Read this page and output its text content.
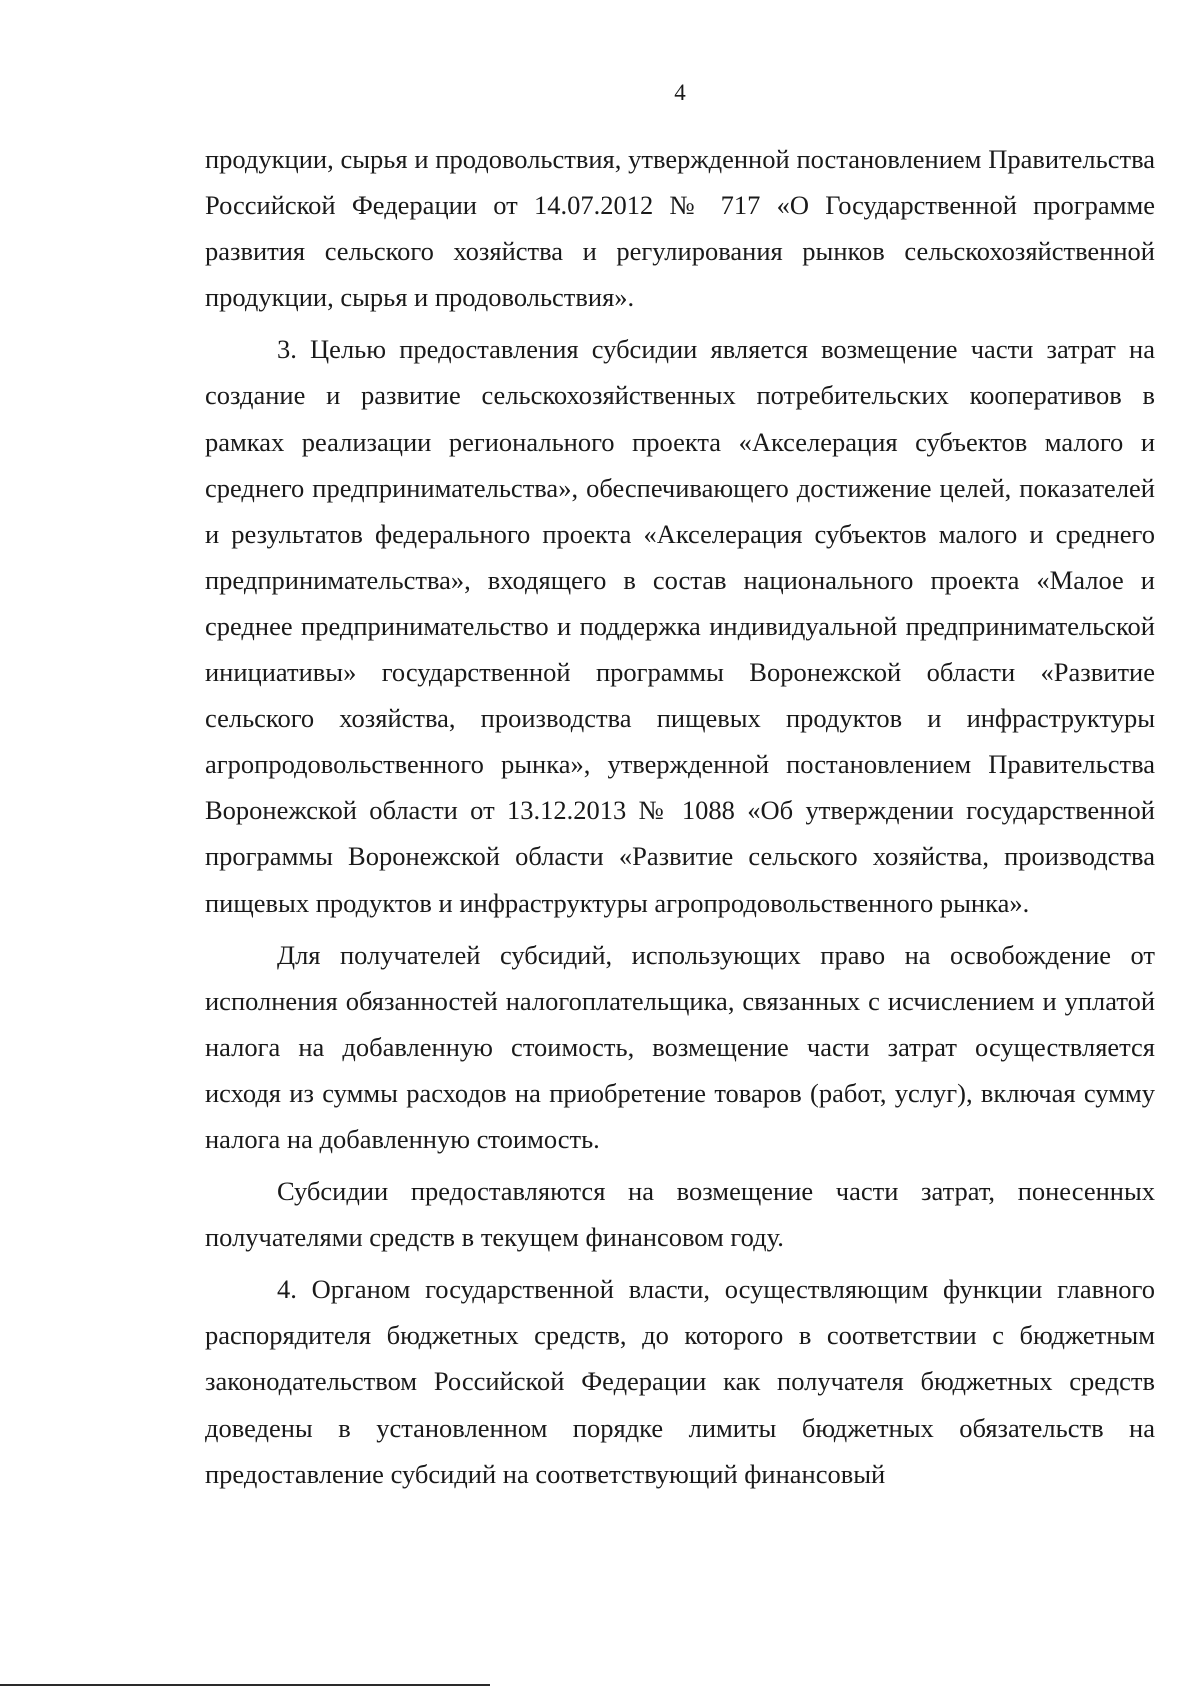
4

продукции, сырья и продовольствия, утвержденной постановлением Правительства Российской Федерации от 14.07.2012 № 717 «О Государственной программе развития сельского хозяйства и регулирования рынков сельскохозяйственной продукции, сырья и продовольствия».

3. Целью предоставления субсидии является возмещение части затрат на создание и развитие сельскохозяйственных потребительских кооперативов в рамках реализации регионального проекта «Акселерация субъектов малого и среднего предпринимательства», обеспечивающего достижение целей, показателей и результатов федерального проекта «Акселерация субъектов малого и среднего предпринимательства», входящего в состав национального проекта «Малое и среднее предпринимательство и поддержка индивидуальной предпринимательской инициативы» государственной программы Воронежской области «Развитие сельского хозяйства, производства пищевых продуктов и инфраструктуры агропродовольственного рынка», утвержденной постановлением Правительства Воронежской области от 13.12.2013 № 1088 «Об утверждении государственной программы Воронежской области «Развитие сельского хозяйства, производства пищевых продуктов и инфраструктуры агропродовольственного рынка».

Для получателей субсидий, использующих право на освобождение от исполнения обязанностей налогоплательщика, связанных с исчислением и уплатой налога на добавленную стоимость, возмещение части затрат осуществляется исходя из суммы расходов на приобретение товаров (работ, услуг), включая сумму налога на добавленную стоимость.

Субсидии предоставляются на возмещение части затрат, понесенных получателями средств в текущем финансовом году.

4. Органом государственной власти, осуществляющим функции главного распорядителя бюджетных средств, до которого в соответствии с бюджетным законодательством Российской Федерации как получателя бюджетных средств доведены в установленном порядке лимиты бюджетных обязательств на предоставление субсидий на соответствующий финансовый
